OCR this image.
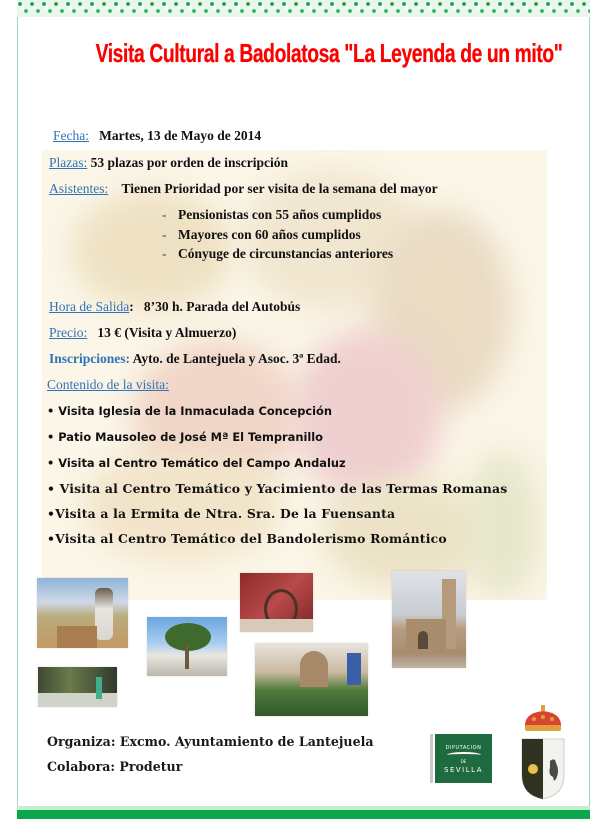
Visita Cultural a Badolatosa "La Leyenda de un mito"
Fecha: Martes, 13 de Mayo de 2014
Plazas: 53 plazas por orden de inscripción
Asistentes: Tienen Prioridad por ser visita de la semana del mayor
- Pensionistas con 55 años cumplidos
- Mayores con 60 años cumplidos
- Cónyuge de circunstancias anteriores
Hora de Salida: 8’30 h. Parada del Autobús
Precio: 13 € (Visita y Almuerzo)
Inscripciones: Ayto. de Lantejuela y Asoc. 3ª Edad.
Contenido de la visita:
• Visita Iglesia de la Inmaculada Concepción
• Patio Mausoleo de José Mª El Tempranillo
• Visita al Centro Temático del Campo Andaluz
• Visita al Centro Temático y Yacimiento de las Termas Romanas
•Visita a la Ermita de Ntra. Sra. De la Fuensanta
•Visita al Centro Temático del Bandolerismo Romántico
Organiza: Excmo. Ayuntamiento de Lantejuela
Colabora: Prodetur
DIPUTACION
DE
SEVILLA
